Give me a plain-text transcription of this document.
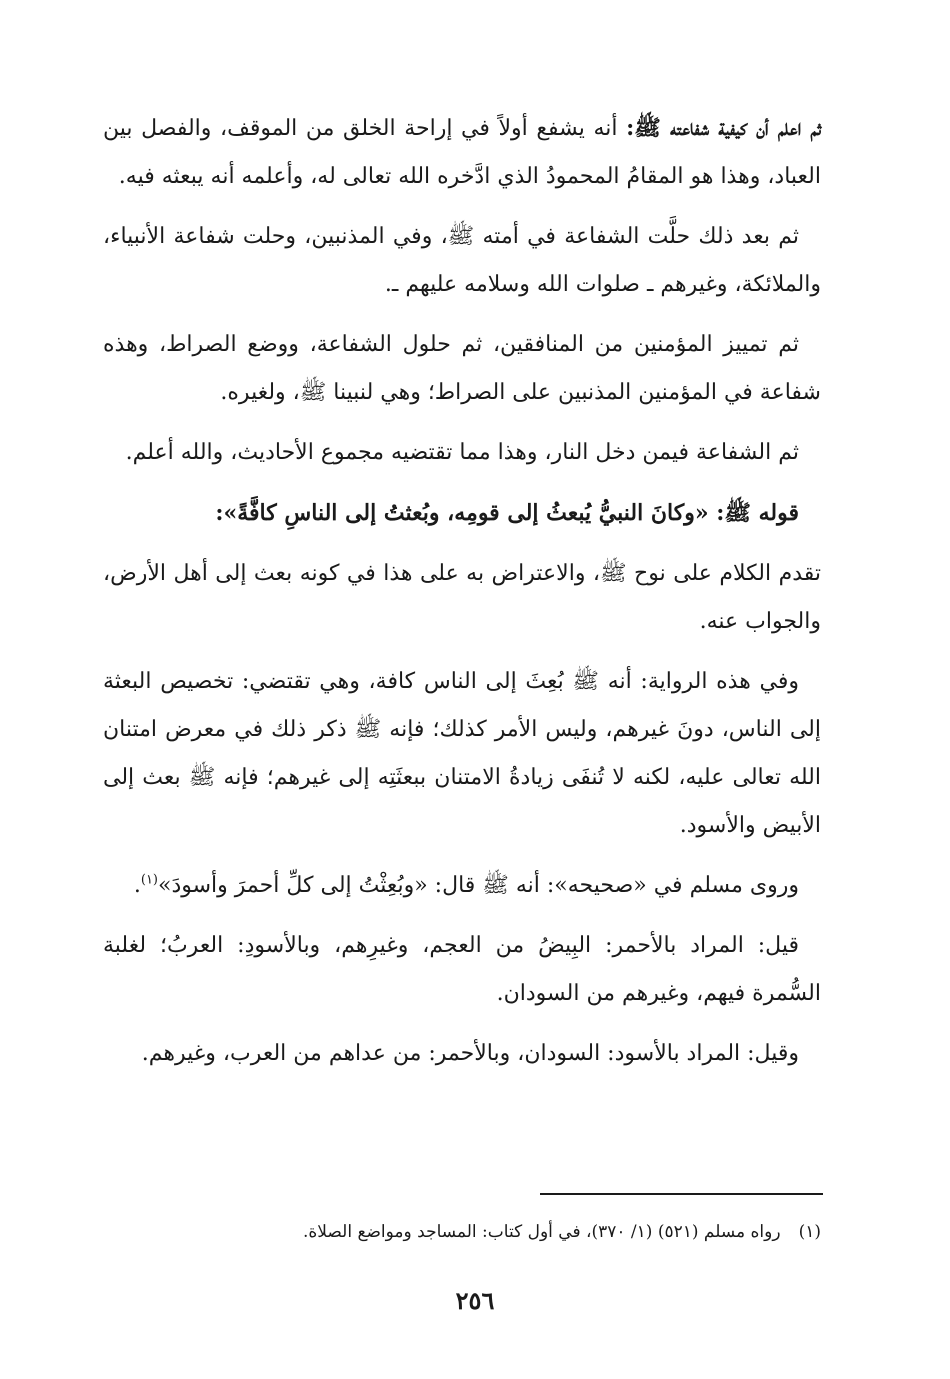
ثم اعلم أن كيفية شفاعته ﷺ: أنه يشفع أولاً في إراحة الخلق من الموقف، والفصل بين العباد، وهذا هو المقامُ المحمودُ الذي ادَّخره الله تعالى له، وأعلمه أنه يبعثه فيه.

ثم بعد ذلك حلَّت الشفاعة في أمته ﷺ، وفي المذنبين، وحلت شفاعة الأنبياء، والملائكة، وغيرهم ـ صلوات الله وسلامه عليهم ـ.

ثم تمييز المؤمنين من المنافقين، ثم حلول الشفاعة، ووضع الصراط، وهذه شفاعة في المؤمنين المذنبين على الصراط؛ وهي لنبينا ﷺ، ولغيره.

ثم الشفاعة فيمن دخل النار، وهذا مما تقتضيه مجموع الأحاديث، والله أعلم.

قوله ﷺ: «وكانَ النبيُّ يُبعثُ إلى قومِه، وبُعثتُ إلى الناسِ كافَّةً»:

تقدم الكلام على نوح ﷺ، والاعتراض به على هذا في كونه بعث إلى أهل الأرض، والجواب عنه.

وفي هذه الرواية: أنه ﷺ بُعِثَ إلى الناس كافة، وهي تقتضي: تخصيص البعثة إلى الناس، دونَ غيرهم، وليس الأمر كذلك؛ فإنه ﷺ ذكر ذلك في معرض امتنان الله تعالى عليه، لكنه لا تُنفَى زيادةُ الامتنان ببعثَتِه إلى غيرهم؛ فإنه ﷺ بعث إلى الأبيض والأسود.

وروى مسلم في «صحيحه»: أنه ﷺ قال: «وبُعِثْتُ إلى كلِّ أحمرَ وأسودَ»$^{(١)}$.

قيل: المراد بالأحمر: البِيضُ من العجم، وغيرِهم، وبالأسودِ: العربُ؛ لغلبة السُّمرة فيهم، وغيرهم من السودان.

وقيل: المراد بالأسود: السودان، وبالأحمر: من عداهم من العرب، وغيرهم.

(١)رواه مسلم (٥٢١) (١/ ٣٧٠)، في أول كتاب: المساجد ومواضع الصلاة.
٢٥٦
